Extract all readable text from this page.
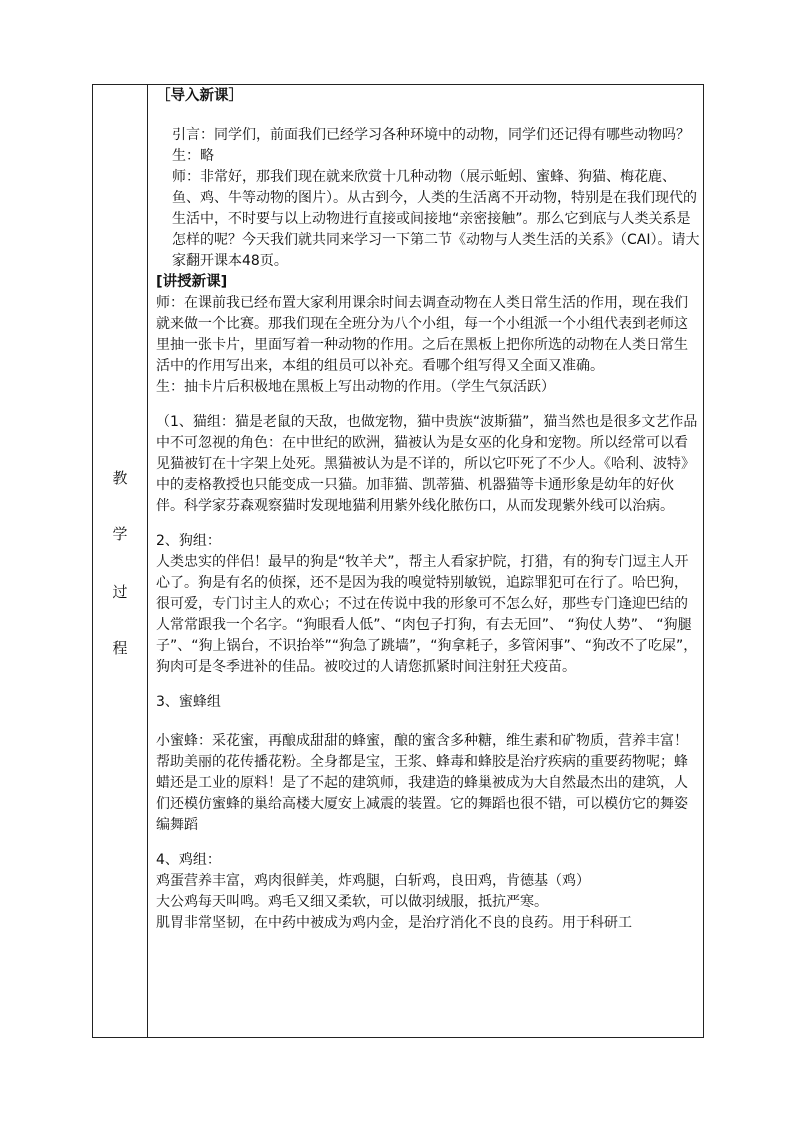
教
学
过
程

［导入新课］

引言：同学们，前面我们已经学习各种环境中的动物，同学们还记得有哪些动物吗？

生：略

师：非常好，那我们现在就来欣赏十几种动物（展示蚯蚓、蜜蜂、狗猫、梅花鹿、鱼、鸡、牛等动物的图片）。从古到今，人类的生活离不开动物，特别是在我们现代的生活中，不时要与以上动物进行直接或间接地“亲密接触”。那么它到底与人类关系是怎样的呢？今天我们就共同来学习一下第二节《动物与人类生活的关系》（CAI）。请大家翻开课本48页。

[讲授新课]

师：在课前我已经布置大家利用课余时间去调查动物在人类日常生活的作用，现在我们就来做一个比赛。那我们现在全班分为八个小组，每一个小组派一个小组代表到老师这里抽一张卡片，里面写着一种动物的作用。之后在黑板上把你所选的动物在人类日常生活中的作用写出来，本组的组员可以补充。看哪个组写得又全面又准确。

生：抽卡片后积极地在黑板上写出动物的作用。（学生气氛活跃）

（1、猫组：猫是老鼠的天敌，也做宠物，猫中贵族“波斯猫”，猫当然也是很多文艺作品中不可忽视的角色：在中世纪的欧洲，猫被认为是女巫的化身和宠物。所以经常可以看见猫被钉在十字架上处死。黑猫被认为是不详的，所以它吓死了不少人。《哈利、波特》中的麦格教授也只能变成一只猫。加菲猫、凯蒂猫、机器猫等卡通形象是幼年的好伙伴。科学家芬森观察猫时发现地猫利用紫外线化脓伤口，从而发现紫外线可以治病。

2、狗组：

人类忠实的伴侣！最早的狗是“牧羊犬”，帮主人看家护院，打猎，有的狗专门逗主人开心了。狗是有名的侦探，还不是因为我的嗅觉特别敏锐，追踪罪犯可在行了。哈巴狗，很可爱，专门讨主人的欢心；不过在传说中我的形象可不怎么好，那些专门逢迎巴结的人常常跟我一个名字。“狗眼看人低”、“肉包子打狗，有去无回”、 “狗仗人势”、 “狗腿子”、“狗上锅台，不识抬举”“狗急了跳墙”，“狗拿耗子，多管闲事”、“狗改不了吃屎”， 狗肉可是冬季进补的佳品。被咬过的人请您抓紧时间注射狂犬疫苗。

3、蜜蜂组

小蜜蜂：采花蜜，再酿成甜甜的蜂蜜，酿的蜜含多种糖，维生素和矿物质，营养丰富！帮助美丽的花传播花粉。全身都是宝，王浆、蜂毒和蜂胶是治疗疾病的重要药物呢；蜂蜡还是工业的原料！是了不起的建筑师，我建造的蜂巢被成为大自然最杰出的建筑，人们还模仿蜜蜂的巢给高楼大厦安上减震的装置。它的舞蹈也很不错，可以模仿它的舞姿编舞蹈

4、鸡组：

鸡蛋营养丰富，鸡肉很鲜美，炸鸡腿，白斩鸡，良田鸡，肯德基（鸡）

大公鸡每天叫鸣。鸡毛又细又柔软，可以做羽绒服，抵抗严寒。

肌胃非常坚韧，在中药中被成为鸡内金，是治疗消化不良的良药。用于科研工
